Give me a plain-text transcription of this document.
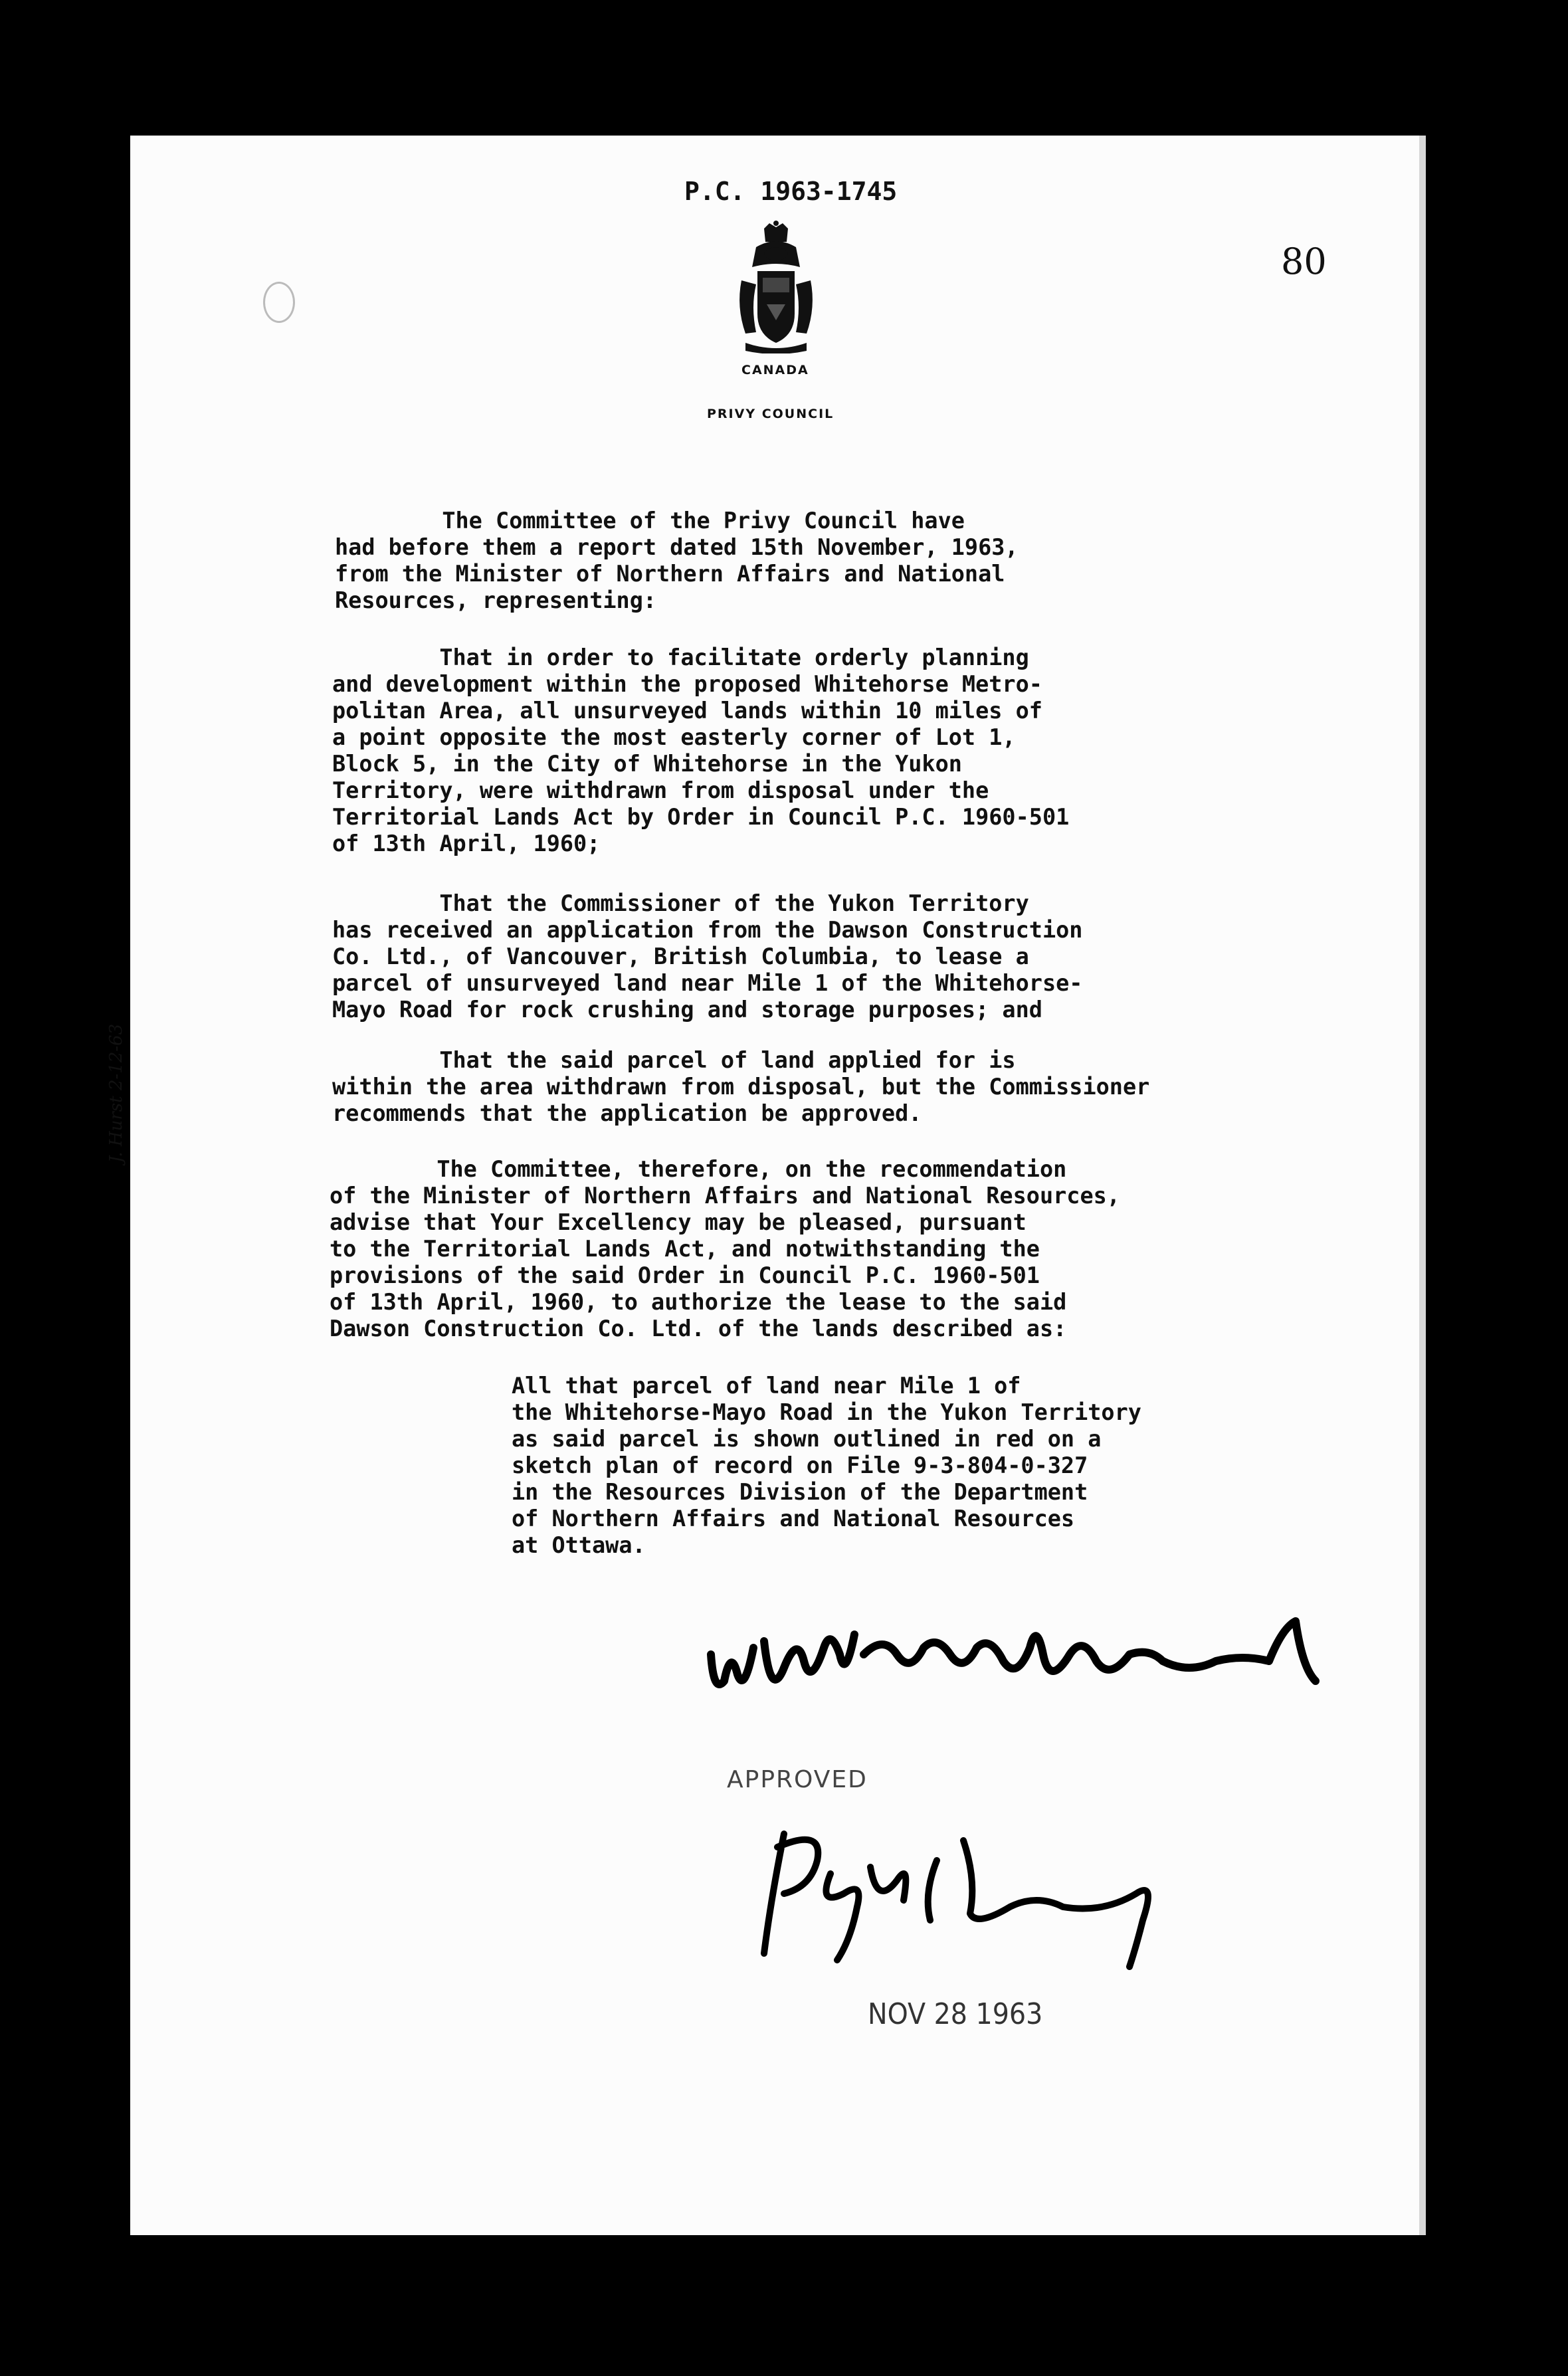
P.C. 1963-1745

80

CANADA

PRIVY COUNCIL

The Committee of the Privy Council have
had before them a report dated 15th November, 1963,
from the Minister of Northern Affairs and National
Resources, representing:

That in order to facilitate orderly planning
and development within the proposed Whitehorse Metro-
politan Area, all unsurveyed lands within 10 miles of
a point opposite the most easterly corner of Lot 1,
Block 5, in the City of Whitehorse in the Yukon
Territory, were withdrawn from disposal under the
Territorial Lands Act by Order in Council P.C. 1960-501
of 13th April, 1960;

That the Commissioner of the Yukon Territory
has received an application from the Dawson Construction
Co. Ltd., of Vancouver, British Columbia, to lease a
parcel of unsurveyed land near Mile 1 of the Whitehorse-
Mayo Road for rock crushing and storage purposes; and

That the said parcel of land applied for is
within the area withdrawn from disposal, but the Commissioner
recommends that the application be approved.

The Committee, therefore, on the recommendation
of the Minister of Northern Affairs and National Resources,
advise that Your Excellency may be pleased, pursuant
to the Territorial Lands Act, and notwithstanding the
provisions of the said Order in Council P.C. 1960-501
of 13th April, 1960, to authorize the lease to the said
Dawson Construction Co. Ltd. of the lands described as:

All that parcel of land near Mile 1 of
the Whitehorse-Mayo Road in the Yukon Territory
as said parcel is shown outlined in red on a
sketch plan of record on File 9-3-804-0-327
in the Resources Division of the Department
of Northern Affairs and National Resources
at Ottawa.

APPROVED

NOV 28 1963

J. Hurst 2-12-63
